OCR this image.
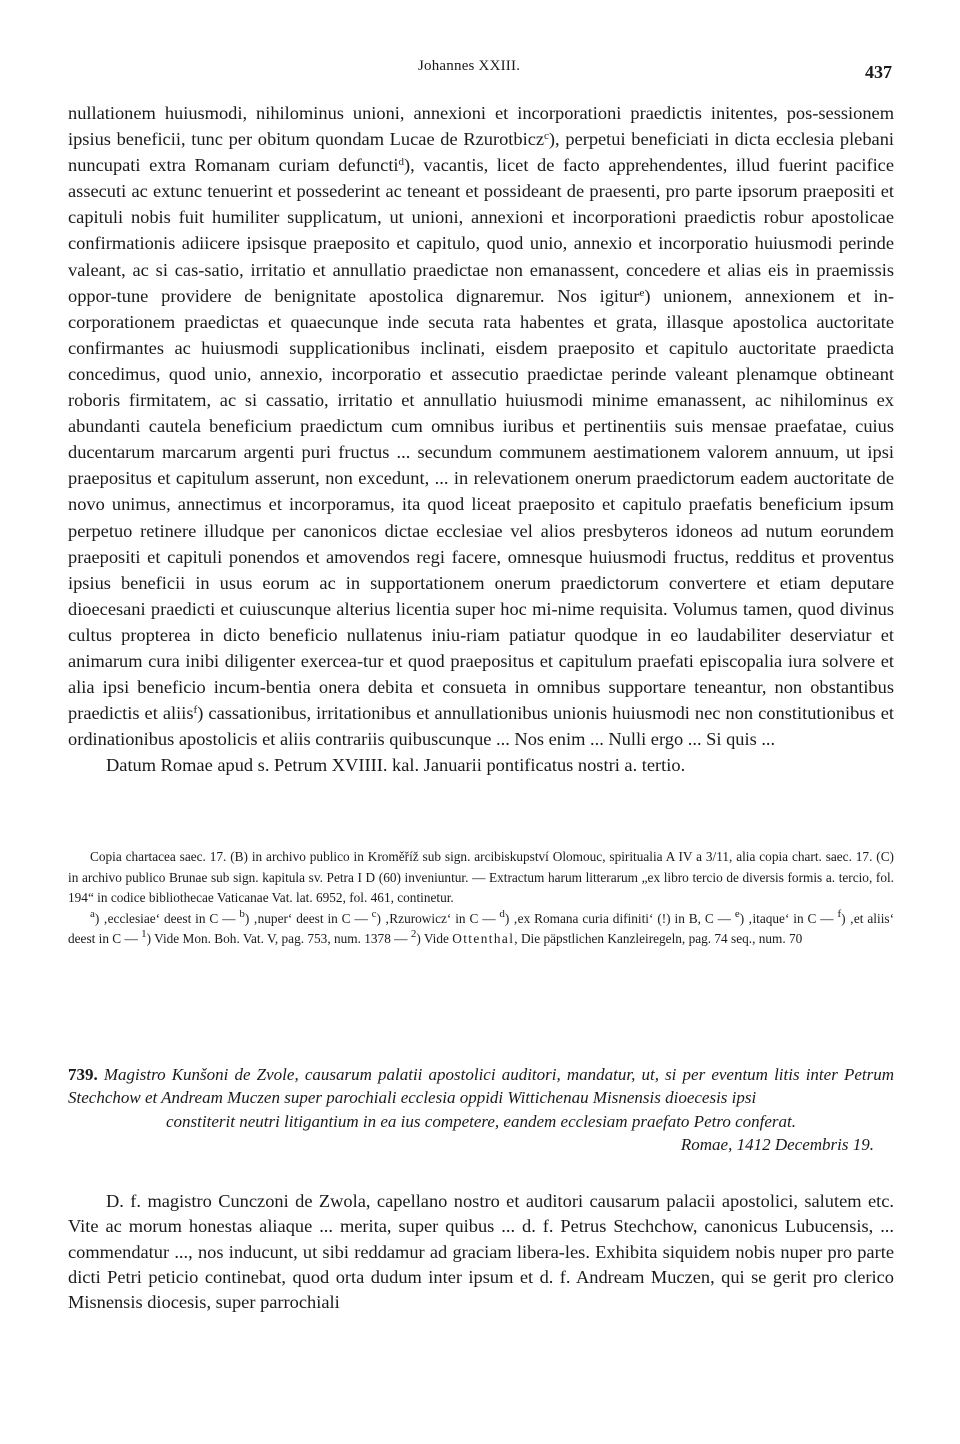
Johannes XXIII.	437

nullationem huiusmodi, nihilominus unioni, annexioni et incorporationi praedictis initentes, pos-sessionem ipsius beneficii, tunc per obitum quondam Lucae de Rzurotbicz$^c$), perpetui beneficiati in dicta ecclesia plebani nuncupati extra Romanam curiam defuncti$^d$), vacantis, licet de facto apprehendentes, illud fuerint pacifice assecuti ac extunc tenuerint et possederint ac teneant et possideant de praesenti, pro parte ipsorum praepositi et capituli nobis fuit humiliter supplicatum, ut unioni, annexioni et incorporationi praedictis robur apostolicae confirmationis adiicere ipsisque praeposito et capitulo, quod unio, annexio et incorporatio huiusmodi perinde valeant, ac si cas-satio, irritatio et annullatio praedictae non emanassent, concedere et alias eis in praemissis oppor-tune providere de benignitate apostolica dignaremur. Nos igitur$^e$) unionem, annexionem et in-corporationem praedictas et quaecunque inde secuta rata habentes et grata, illasque apostolica auctoritate confirmantes ac huiusmodi supplicationibus inclinati, eisdem praeposito et capitulo auctoritate praedicta concedimus, quod unio, annexio, incorporatio et assecutio praedictae perinde valeant plenamque obtineant roboris firmitatem, ac si cassatio, irritatio et annullatio huiusmodi minime emanassent, ac nihilominus ex abundanti cautela beneficium praedictum cum omnibus iuribus et pertinentiis suis mensae praefatae, cuius ducentarum marcarum argenti puri fructus ... secundum communem aestimationem valorem annuum, ut ipsi praepositus et capitulum asserunt, non excedunt, ... in relevationem onerum praedictorum eadem auctoritate de novo unimus, annectimus et incorporamus, ita quod liceat praeposito et capitulo praefatis beneficium ipsum perpetuo retinere illudque per canonicos dictae ecclesiae vel alios presbyteros idoneos ad nutum eorundem praepositi et capituli ponendos et amovendos regi facere, omnesque huiusmodi fructus, redditus et proventus ipsius beneficii in usus eorum ac in supportationem onerum praedictorum convertere et etiam deputare dioecesani praedicti et cuiuscunque alterius licentia super hoc mi-nime requisita. Volumus tamen, quod divinus cultus propterea in dicto beneficio nullatenus iniu-riam patiatur quodque in eo laudabiliter deserviatur et animarum cura inibi diligenter exercea-tur et quod praepositus et capitulum praefati episcopalia iura solvere et alia ipsi beneficio incum-bentia onera debita et consueta in omnibus supportare teneantur, non obstantibus praedictis et aliis$^f$) cassationibus, irritationibus et annullationibus unionis huiusmodi nec non constitutionibus et ordinationibus apostolicis et aliis contrariis quibuscunque ... Nos enim ... Nulli ergo ... Si quis ...

Datum Romae apud s. Petrum XVIIII. kal. Januarii pontificatus nostri a. tertio.

Copia chartacea saec. 17. (B) in archivo publico in Kroměříž sub sign. arcibiskupství Olomouc, spiritualia A IV a 3/11, alia copia chart. saec. 17. (C) in archivo publico Brunae sub sign. kapitula sv. Petra I D (60) inveniuntur. — Extractum harum litterarum „ex libro tercio de diversis formis a. tercio, fol. 194“ in codice bibliothecae Vaticanae Vat. lat. 6952, fol. 461, continetur.

$^a$) ‚ecclesiae‘ deest in C — $^b$) ‚nuper‘ deest in C — $^c$) ‚Rzurowicz‘ in C — $^d$) ‚ex Romana curia difiniti‘ (!) in B, C — $^e$) ‚itaque‘ in C — $^f$) ‚et aliis‘ deest in C — $^1$) Vide Mon. Boh. Vat. V, pag. 753, num. 1378 — $^2$) Vide Ottenthal, Die päpstlichen Kanzleiregeln, pag. 74 seq., num. 70

739. Magistro Kunšoni de Zvole, causarum palatii apostolici auditori, mandatur, ut, si per eventum litis inter Petrum Stechchow et Andream Muczen super parochiali ecclesia oppidi Wittichenau Misnensis dioecesis ipsi

constiterit neutri litigantium in ea ius competere, eandem ecclesiam praefato Petro conferat.

Romae, 1412 Decembris 19.

D. f. magistro Cunczoni de Zwola, capellano nostro et auditori causarum palacii apostolici, salutem etc. Vite ac morum honestas aliaque ... merita, super quibus ... d. f. Petrus Stechchow, canonicus Lubucensis, ... commendatur ..., nos inducunt, ut sibi reddamur ad graciam libera-les. Exhibita siquidem nobis nuper pro parte dicti Petri peticio continebat, quod orta dudum inter ipsum et d. f. Andream Muczen, qui se gerit pro clerico Misnensis diocesis, super parrochiali
